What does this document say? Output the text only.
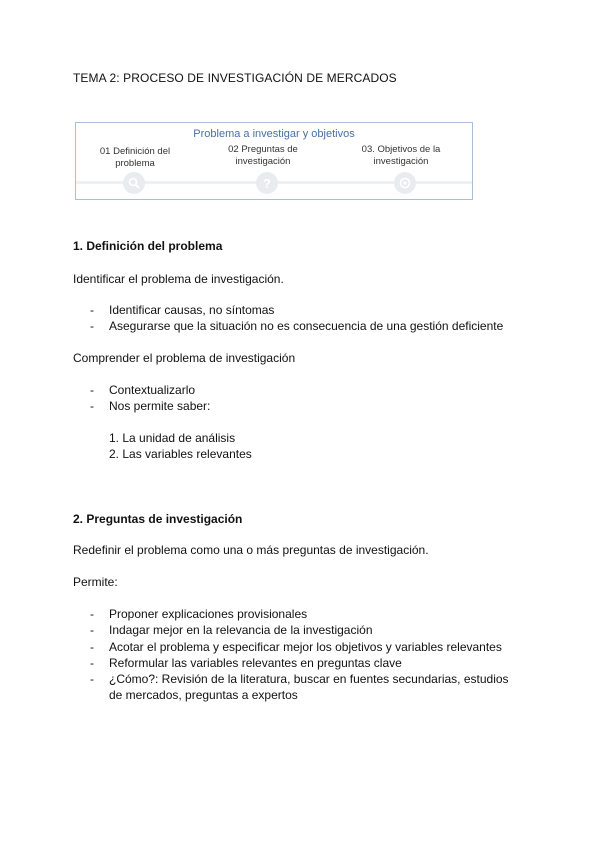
TEMA 2: PROCESO DE INVESTIGACIÓN DE MERCADOS
Problema a investigar y objetivos
01 Definición del
problema
02 Preguntas de
investigación
?
03. Objetivos de la
investigación
1. Definición del problema
Identificar el problema de investigación.
- Identificar causas, no síntomas
- Asegurarse que la situación no es consecuencia de una gestión deficiente
Comprender el problema de investigación
- Contextualizarlo
- Nos permite saber:
1. La unidad de análisis
2. Las variables relevantes
2. Preguntas de investigación
Redefinir el problema como una o más preguntas de investigación.
Permite:
- Proponer explicaciones provisionales
- Indagar mejor en la relevancia de la investigación
- Acotar el problema y especificar mejor los objetivos y variables relevantes
- Reformular las variables relevantes en preguntas clave
- ¿Cómo?: Revisión de la literatura, buscar en fuentes secundarias, estudios
de mercados, preguntas a expertos
